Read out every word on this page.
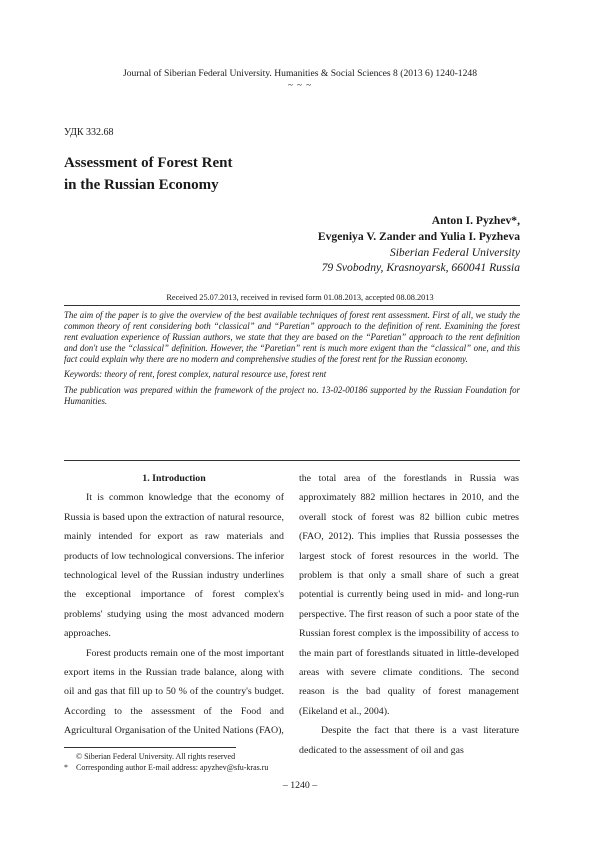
Journal of Siberian Federal University. Humanities & Social Sciences 8 (2013 6) 1240-1248
~ ~ ~
УДК 332.68
Assessment of Forest Rent
in the Russian Economy
Anton I. Pyzhev*,
Evgeniya V. Zander and Yulia I. Pyzheva
Siberian Federal University
79 Svobodny, Krasnoyarsk, 660041 Russia
Received 25.07.2013, received in revised form 01.08.2013, accepted 08.08.2013

The aim of the paper is to give the overview of the best available techniques of forest rent assessment. First of all, we study the common theory of rent considering both “classical” and “Paretian” approach to the definition of rent. Examining the forest rent evaluation experience of Russian authors, we state that they are based on the “Paretian” approach to the rent definition and don't use the “classical” definition. However, the “Paretian” rent is much more exigent than the “classical” one, and this fact could explain why there are no modern and comprehensive studies of the forest rent for the Russian economy.

Keywords: theory of rent, forest complex, natural resource use, forest rent

The publication was prepared within the framework of the project no. 13-02-00186 supported by the Russian Foundation for Humanities.

1. Introduction

It is common knowledge that the economy of Russia is based upon the extraction of natural resource, mainly intended for export as raw materials and products of low technological conversions. The inferior technological level of the Russian industry underlines the exceptional importance of forest complex's problems' studying using the most advanced modern approaches.

Forest products remain one of the most important export items in the Russian trade balance, along with oil and gas that fill up to 50 % of the country's budget. According to the assessment of the Food and Agricultural Organisation of the United Nations (FAO),

the total area of the forestlands in Russia was approximately 882 million hectares in 2010, and the overall stock of forest was 82 billion cubic metres (FAO, 2012). This implies that Russia possesses the largest stock of forest resources in the world. The problem is that only a small share of such a great potential is currently being used in mid- and long-run perspective. The first reason of such a poor state of the Russian forest complex is the impossibility of access to the main part of forestlands situated in little-developed areas with severe climate conditions. The second reason is the bad quality of forest management (Eikeland et al., 2004).

Despite the fact that there is a vast literature dedicated to the assessment of oil and gas

© Siberian Federal University. All rights reserved
* Corresponding author E-mail address: apyzhev@sfu-kras.ru
– 1240 –
